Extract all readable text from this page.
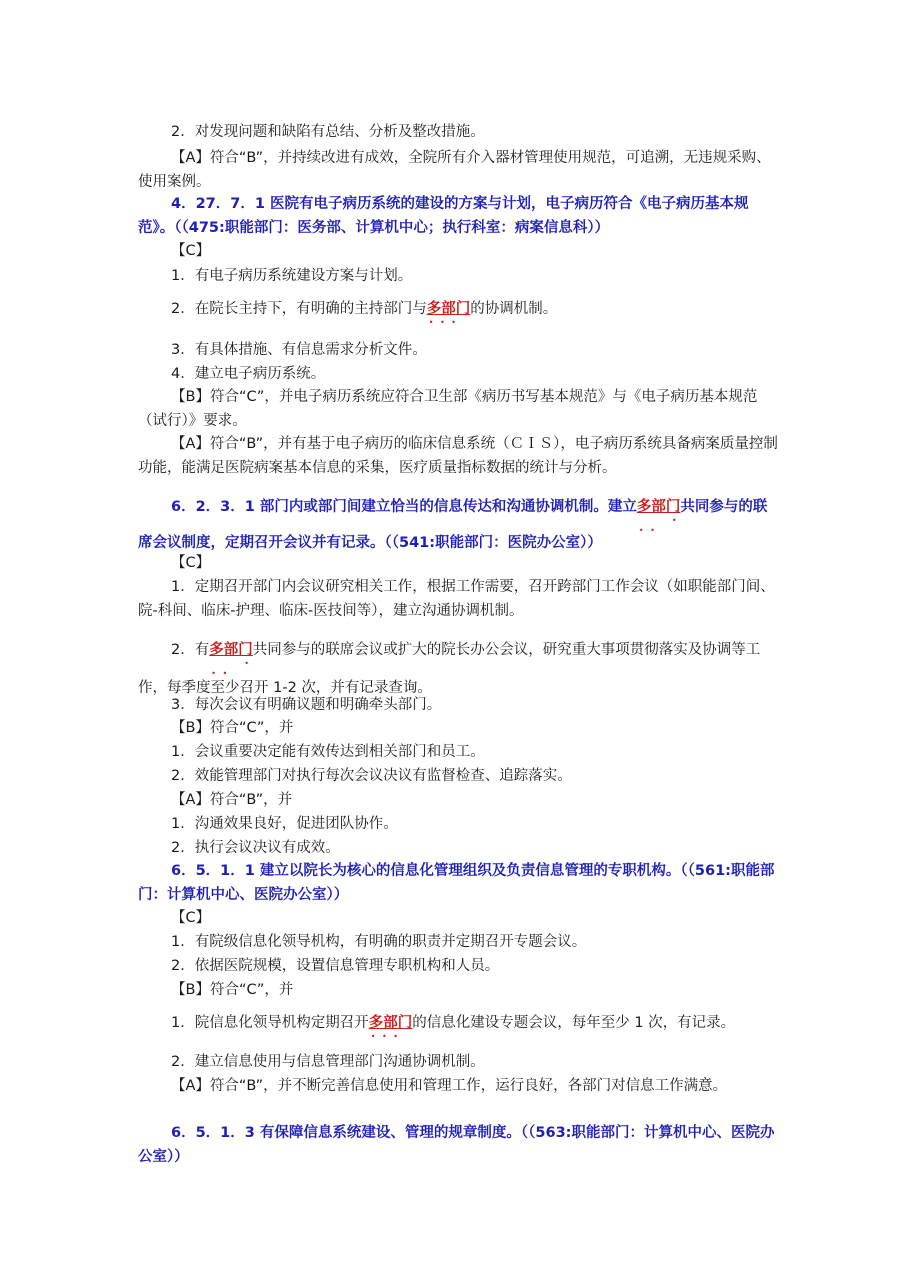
2．对发现问题和缺陷有总结、分析及整改措施。

【A】符合“B”，并持续改进有成效，全院所有介入器材管理使用规范，可追溯，无违规采购、使用案例。

4．27．7．1 医院有电子病历系统的建设的方案与计划，电子病历符合《电子病历基本规范》。（（475:职能部门：医务部、计算机中心；执行科室：病案信息科））

【C】

1．有电子病历系统建设方案与计划。

2．在院长主持下，有明确的主持部门与多部门 • • •的协调机制。

3．有具体措施、有信息需求分析文件。

4．建立电子病历系统。

【B】符合“C”，并电子病历系统应符合卫生部《病历书写基本规范》与《电子病历基本规范（试行）》要求。

【A】符合“B”，并有基于电子病历的临床信息系统（ＣＩＳ），电子病历系统具备病案质量控制功能，能满足医院病案基本信息的采集，医疗质量指标数据的统计与分析。

6．2．3．1 部门内或部门间建立恰当的信息传达和沟通协调机制。建立多部门 • • •共同参与的联席会议制度，定期召开会议并有记录。（（541:职能部门：医院办公室））

【C】

1．定期召开部门内会议研究相关工作，根据工作需要，召开跨部门工作会议（如职能部门间、院-科间、临床-护理、临床-医技间等），建立沟通协调机制。

2．有多部门 • • •共同参与的联席会议或扩大的院长办公会议，研究重大事项贯彻落实及协调等工作，每季度至少召开 1-2 次，并有记录查询。

3．每次会议有明确议题和明确牵头部门。

【B】符合“C”，并

1．会议重要决定能有效传达到相关部门和员工。

2．效能管理部门对执行每次会议决议有监督检查、追踪落实。

【A】符合“B”，并

1．沟通效果良好，促进团队协作。

2．执行会议决议有成效。

6．5．1．1 建立以院长为核心的信息化管理组织及负责信息管理的专职机构。（（561:职能部门：计算机中心、医院办公室））

【C】

1．有院级信息化领导机构，有明确的职责并定期召开专题会议。

2．依据医院规模，设置信息管理专职机构和人员。

【B】符合“C”，并

1．院信息化领导机构定期召开多部门 • • •的信息化建设专题会议，每年至少 1 次，有记录。

2．建立信息使用与信息管理部门沟通协调机制。

【A】符合“B”，并不断完善信息使用和管理工作，运行良好，各部门对信息工作满意。

6．5．1．3 有保障信息系统建设、管理的规章制度。（（563:职能部门：计算机中心、医院办公室））
